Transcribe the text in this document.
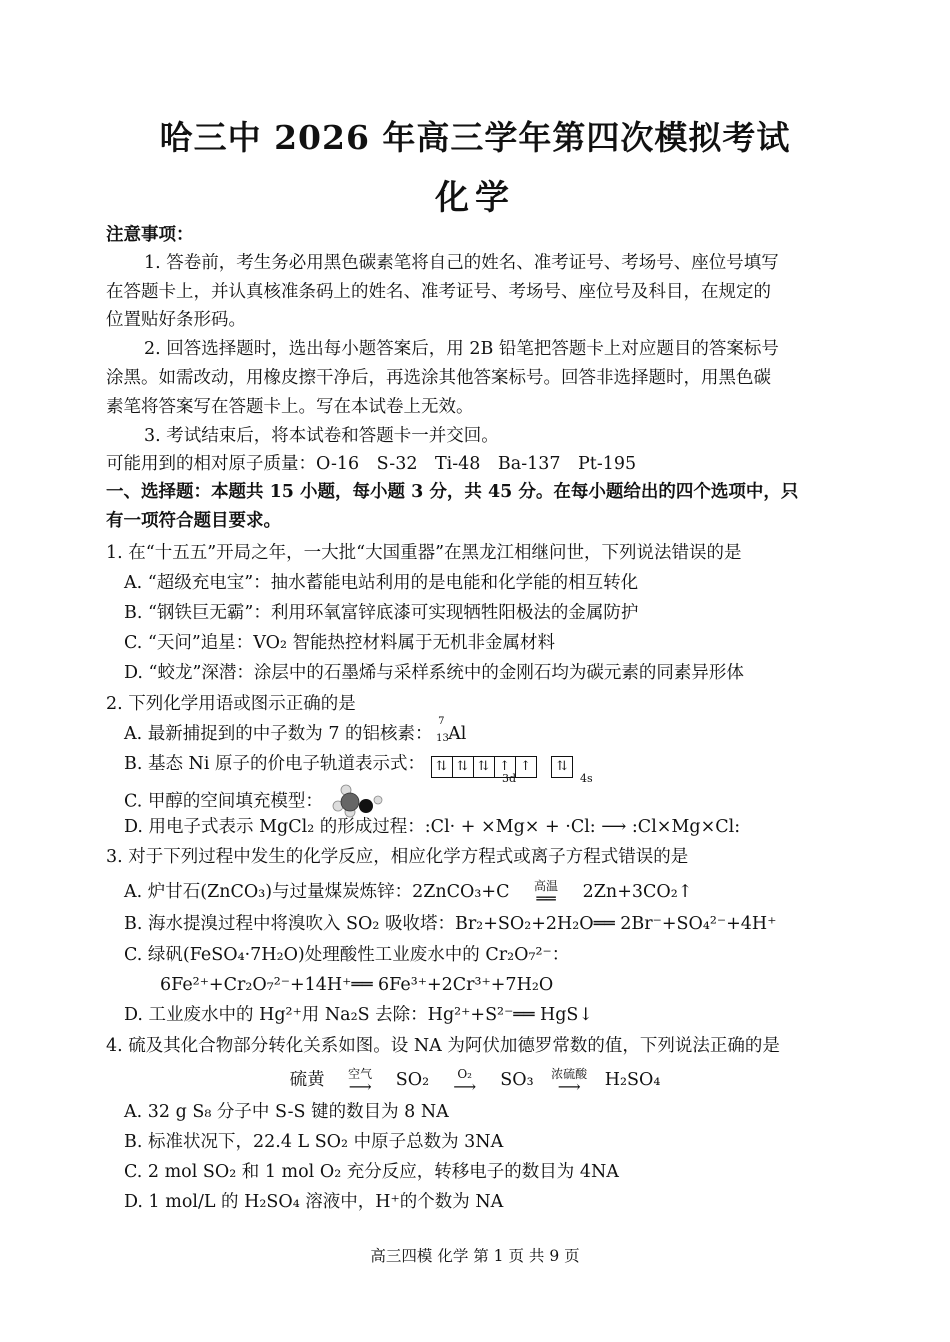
哈三中 2026 年高三学年第四次模拟考试
化学
注意事项：
1. 答卷前，考生务必用黑色碳素笔将自己的姓名、准考证号、考场号、座位号填写
在答题卡上，并认真核准条码上的姓名、准考证号、考场号、座位号及科目，在规定的
位置贴好条形码。
2. 回答选择题时，选出每小题答案后，用 2B 铅笔把答题卡上对应题目的答案标号
涂黑。如需改动，用橡皮擦干净后，再选涂其他答案标号。回答非选择题时，用黑色碳
素笔将答案写在答题卡上。写在本试卷上无效。
3. 考试结束后，将本试卷和答题卡一并交回。
可能用到的相对原子质量：O-16　S-32　Ti-48　Ba-137　Pt-195
一、选择题：本题共 15 小题，每小题 3 分，共 45 分。在每小题给出的四个选项中，只
有一项符合题目要求。
1. 在“十五五”开局之年，一大批“大国重器”在黑龙江相继问世，下列说法错误的是
A. “超级充电宝”：抽水蓄能电站利用的是电能和化学能的相互转化
B. “钢铁巨无霸”：利用环氧富锌底漆可实现牺牲阳极法的金属防护
C. “天问”追星：VO₂ 智能热控材料属于无机非金属材料
D. “蛟龙”深潜：涂层中的石墨烯与采样系统中的金刚石均为碳元素的同素异形体
2. 下列化学用语或图示正确的是
A. 最新捕捉到的中子数为 7 的铝核素：
7
13 Al
B. 基态 Ni 原子的价电子轨道表示式： ⇅ ⇅ ⇅ ↑ ↑ ⇅
3d	4s
C. 甲醇的空间填充模型：
D. 用电子式表示 MgCl₂ 的形成过程：:Cl· + ×Mg× + ·Cl: ⟶ :Cl×Mg×Cl:
3. 对于下列过程中发生的化学反应，相应化学方程式或离子方程式错误的是
A. 炉甘石(ZnCO₃)与过量煤炭炼锌：2ZnCO₃+C	高温
══	2Zn+3CO₂↑
B. 海水提溴过程中将溴吹入 SO₂ 吸收塔：Br₂+SO₂+2H₂O══ 2Br⁻+SO₄²⁻+4H⁺
C. 绿矾(FeSO₄·7H₂O)处理酸性工业废水中的 Cr₂O₇²⁻：
6Fe²⁺+Cr₂O₇²⁻+14H⁺══ 6Fe³⁺+2Cr³⁺+7H₂O
D. 工业废水中的 Hg²⁺用 Na₂S 去除：Hg²⁺+S²⁻══ HgS↓
4. 硫及其化合物部分转化关系如图。设 NA 为阿伏加德罗常数的值，下列说法正确的是
硫黄	空气
⟶	SO₂	O₂
⟶	SO₃	浓硫酸
⟶	H₂SO₄
A. 32 g S₈ 分子中 S-S 键的数目为 8 NA
B. 标准状况下，22.4 L SO₂ 中原子总数为 3NA
C. 2 mol SO₂ 和 1 mol O₂ 充分反应，转移电子的数目为 4NA
D. 1 mol/L 的 H₂SO₄ 溶液中，H⁺的个数为 NA
高三四模 化学 第 1 页 共 9 页
